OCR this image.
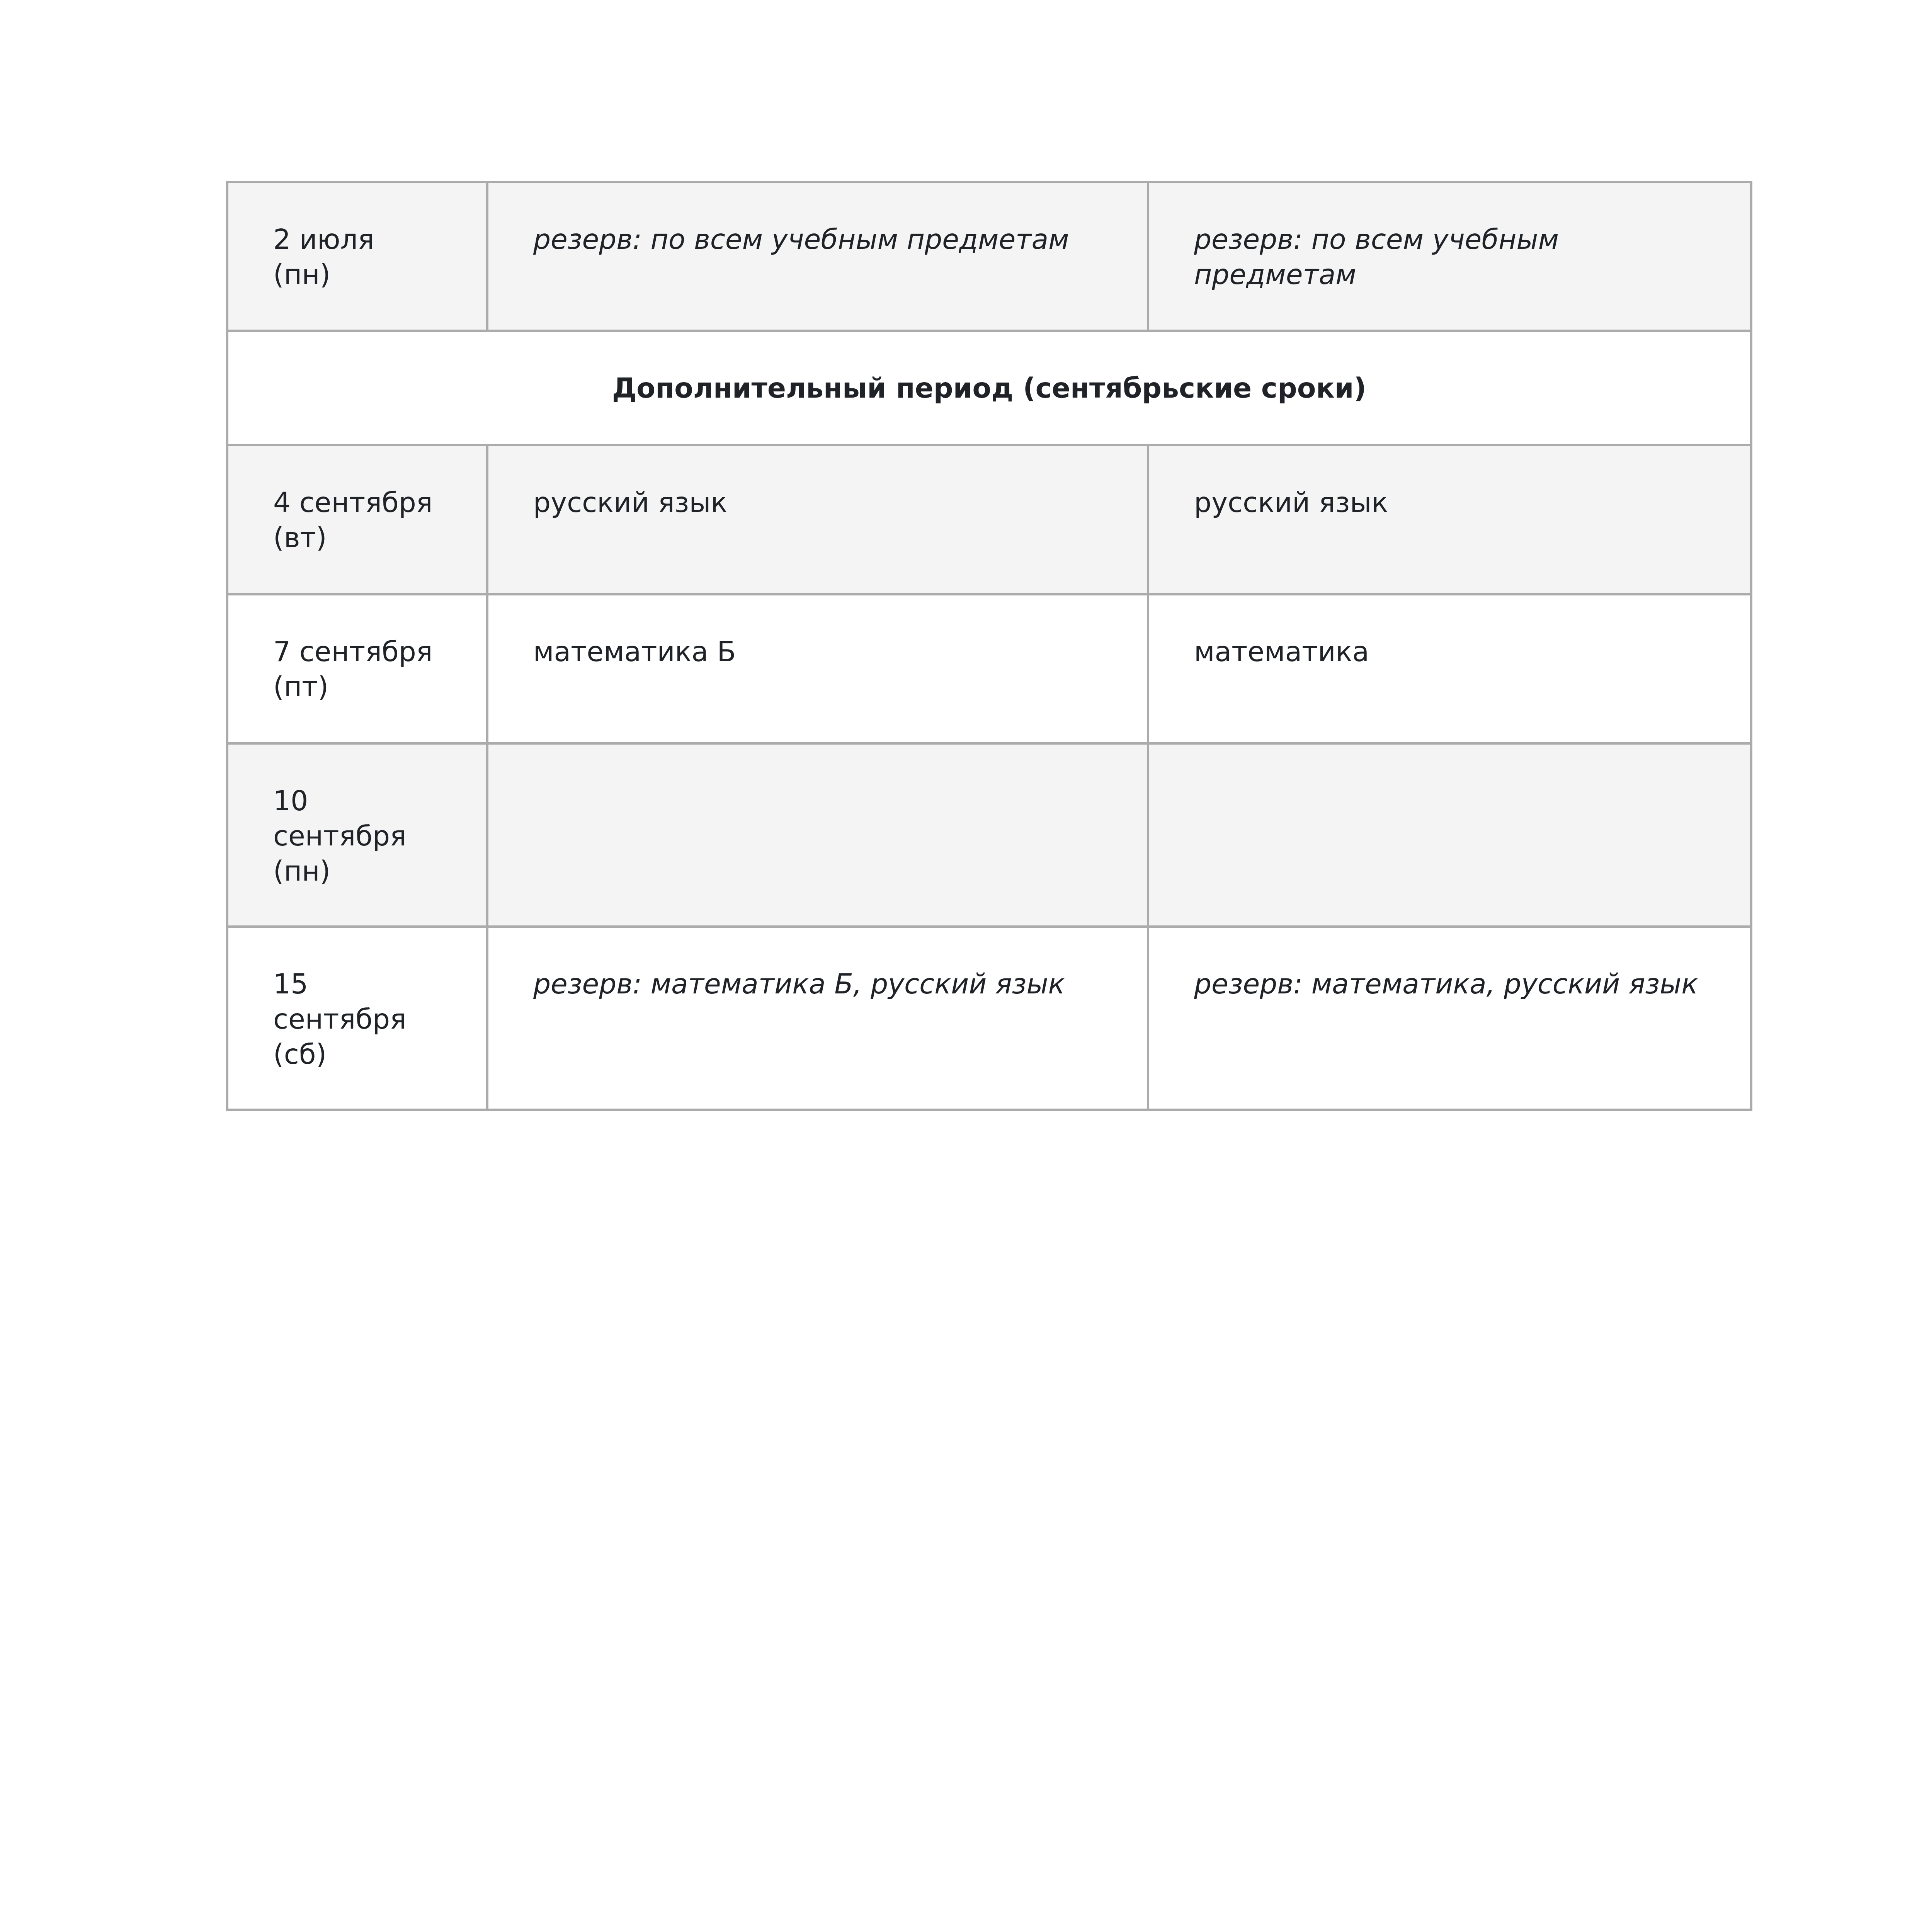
2 июля (пн)	резерв: по всем учебным предметам	резерв: по всем учебным предметам
Дополнительный период (сентябрьские сроки)		
4 сентября (вт)	русский язык	русский язык
7 сентября (пт)	математика Б	математика
10 сентября (пн)		
15 сентября (сб)	резерв: математика Б, русский язык	резерв: математика, русский язык
